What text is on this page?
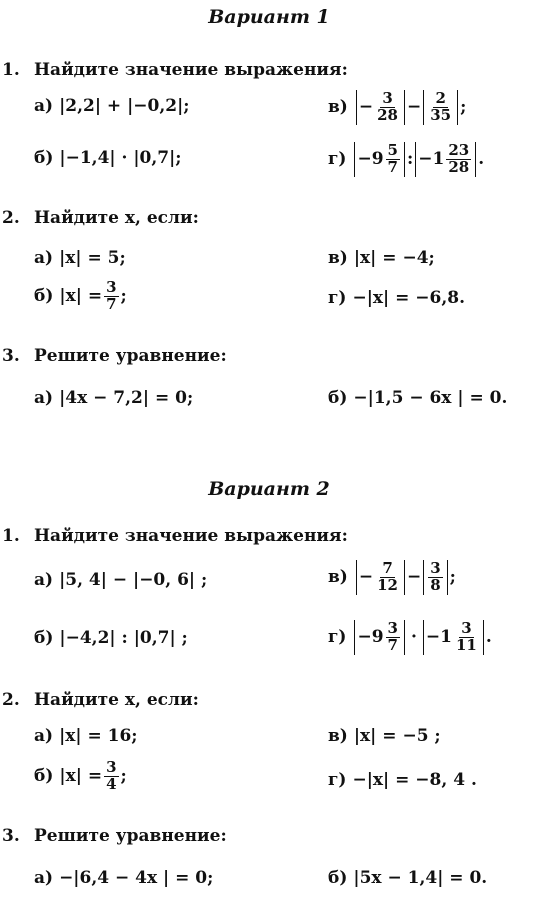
Вариант 1
1. Найдите значение выражения:
а) |2,2| + |−0,2|;	$в) - \frac{3}{28} - \frac{2}{35}$ ;
б) |−1,4| · |0,7|;	$г) -9 \frac{5}{7}$ : $-1 \frac{23}{28}$ .
2. Найдите x, если:
а) |x| = 5;	в) |x| = −4;
б) $|x| = \frac{3}{7}$ ;	г) −|x| = −6,8.
3. Решите уравнение:
а) |4x − 7,2| = 0;	б) −|1,5 − 6x | = 0.
Вариант 2
1. Найдите значение выражения:
а) |5, 4| − |−0, 6| ;	$в) - \frac{7}{12} - \frac{3}{8}$ ;
б) |−4,2| : |0,7| ;	$г) -9 \frac{3}{7} \cdot -1 \frac{3}{11}$ .
2. Найдите x, если:
а) |x| = 16;	в) |x| = −5 ;
б) $|x| = \frac{3}{4}$ ;	г) −|x| = −8, 4 .
3. Решите уравнение:
а) −|6,4 − 4x | = 0;	б) |5x − 1,4| = 0.
